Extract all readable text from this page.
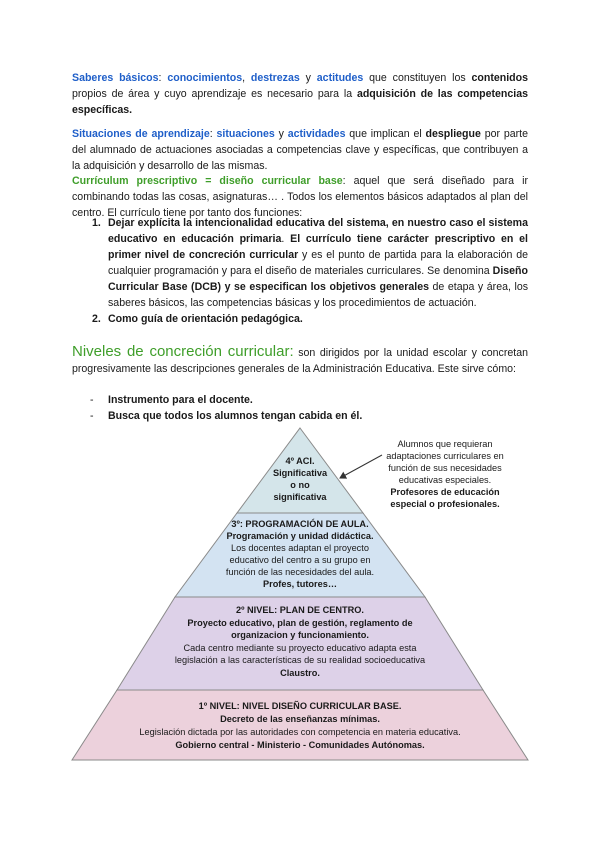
Saberes básicos: conocimientos, destrezas y actitudes que constituyen los contenidos propios de área y cuyo aprendizaje es necesario para la adquisición de las competencias específicas.

Situaciones de aprendizaje: situaciones y actividades que implican el despliegue por parte del alumnado de actuaciones asociadas a competencias clave y específicas, que contribuyen a la adquisición y desarrollo de las mismas.

Currículum prescriptivo = diseño curricular base: aquel que será diseñado para ir combinando todas las cosas, asignaturas… . Todos los elementos básicos adaptados al plan del centro. El currículo tiene por tanto dos funciones:

1. Dejar explícita la intencionalidad educativa del sistema, en nuestro caso el sistema educativo en educación primaria. El currículo tiene carácter prescriptivo en el primer nivel de concreción curricular y es el punto de partida para la elaboración de cualquier programación y para el diseño de materiales curriculares. Se denomina Diseño Curricular Base (DCB) y se especifican los objetivos generales de etapa y área, los saberes básicos, las competencias básicas y los procedimientos de actuación.
2. Como guía de orientación pedagógica.

Niveles de concreción curricular: son dirigidos por la unidad escolar y concretan progresivamente las descripciones generales de la Administración Educativa. Este sirve cómo:

- Instrumento para el docente.
- Busca que todos los alumnos tengan cabida en él.
4º ACI.
Significativa
o no
significativa
3º: PROGRAMACIÓN DE AULA.
Programación y unidad didáctica.
Los docentes adaptan el proyecto
educativo del centro a su grupo en
función de las necesidades del aula.
Profes, tutores…
2º NIVEL: PLAN DE CENTRO.
Proyecto educativo, plan de gestión, reglamento de
organizacion y funcionamiento.
Cada centro mediante su proyecto educativo adapta esta
legislación a las características de su realidad socioeducativa
Claustro.
1º NIVEL: NIVEL DISEÑO CURRICULAR BASE.
Decreto de las enseñanzas mínimas.
Legislación dictada por las autoridades con competencia en materia educativa.
Gobierno central - Ministerio - Comunidades Autónomas.
Alumnos que requieran
adaptaciones curriculares en
función de sus necesidades
educativas especiales.
Profesores de educación
especial o profesionales.
